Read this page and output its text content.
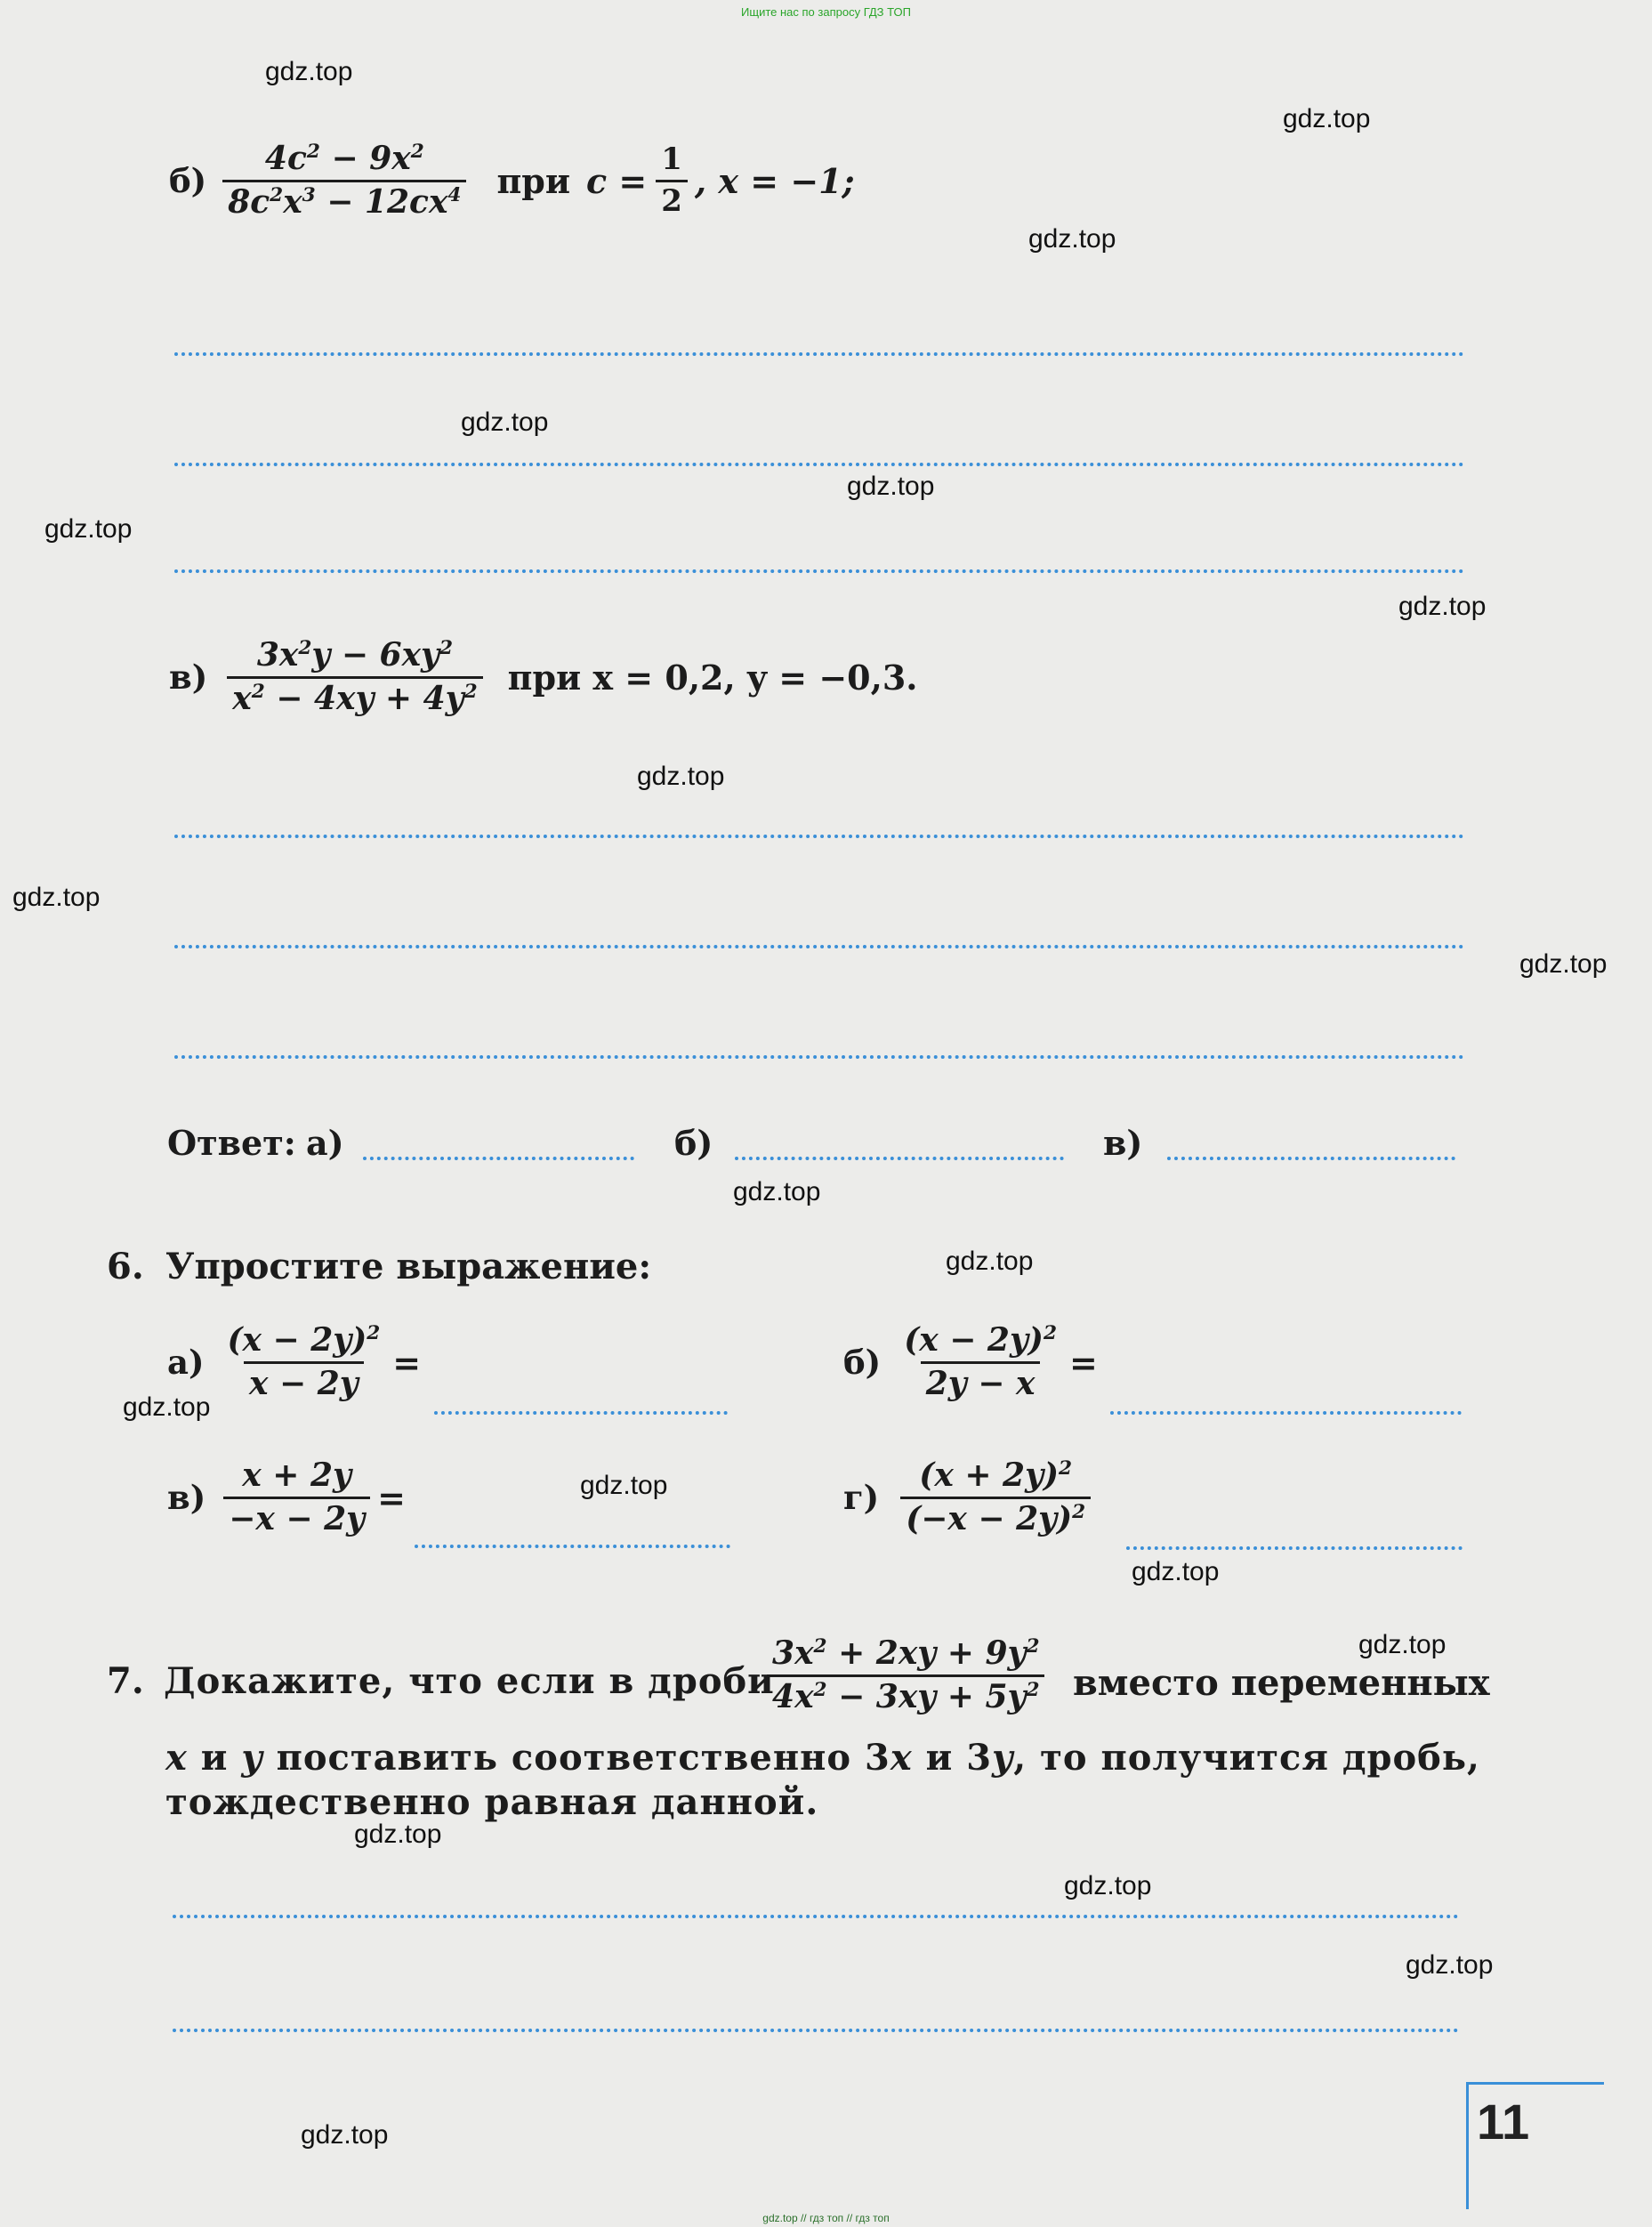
Ищите нас по запросу ГДЗ ТОП
gdz.top // гдз топ // гдз топ
gdz.top
gdz.top
gdz.top
gdz.top
gdz.top
gdz.top
gdz.top
gdz.top
gdz.top
gdz.top
gdz.top
gdz.top
gdz.top
gdz.top
gdz.top
gdz.top
gdz.top
gdz.top
gdz.top
gdz.top
$б) \frac{4c^2 - 9x^2}{8c^2x^3 - 12cx^4}$ при $c = \frac{1}{2}$ , x = −1;
$в) \frac{3x^2y - 6xy^2}{x^2 - 4xy + 4y^2}$ при x = 0,2, y = −0,3.
Ответ: а)	б)	в)
6. Упростите выражение:
$а) \frac{(x - 2y)^2}{x - 2y}$ =	$б) \frac{(x - 2y)^2}{2y - x}$ =
$в) \frac{x + 2y}{-x - 2y}$ =	$г) \frac{(x + 2y)^2}{(-x - 2y)^2}$
7. Докажите, что если в дроби
$\frac{3x^2 + 2xy + 9y^2}{4x^2 - 3xy + 5y^2}$ вместо переменных
x и y поставить соответственно 3x и 3y, то получится дробь,
тождественно равная данной.
11
